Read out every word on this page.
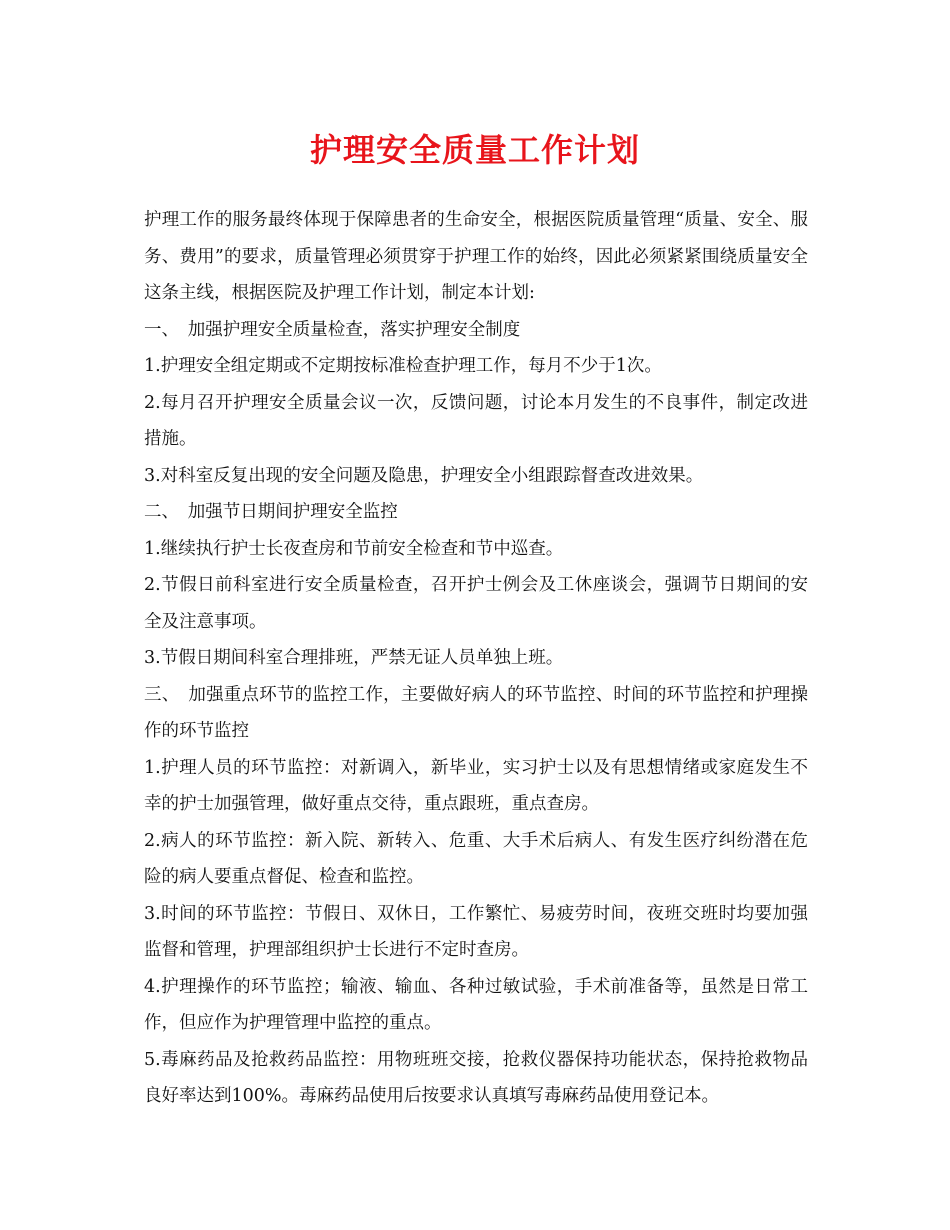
护理安全质量工作计划

护理工作的服务最终体现于保障患者的生命安全，根据医院质量管理“质量、安全、服务、费用”的要求，质量管理必须贯穿于护理工作的始终，因此必须紧紧围绕质量安全这条主线，根据医院及护理工作计划，制定本计划:

一、　加强护理安全质量检查，落实护理安全制度

1.护理安全组定期或不定期按标准检查护理工作，每月不少于1次。

2.每月召开护理安全质量会议一次，反馈问题，讨论本月发生的不良事件，制定改进措施。

3.对科室反复出现的安全问题及隐患，护理安全小组跟踪督查改进效果。

二、　加强节日期间护理安全监控

1.继续执行护士长夜查房和节前安全检查和节中巡查。

2.节假日前科室进行安全质量检查，召开护士例会及工休座谈会，强调节日期间的安全及注意事项。

3.节假日期间科室合理排班，严禁无证人员单独上班。

三、　加强重点环节的监控工作，主要做好病人的环节监控、时间的环节监控和护理操作的环节监控

1.护理人员的环节监控：对新调入，新毕业，实习护士以及有思想情绪或家庭发生不幸的护士加强管理，做好重点交待，重点跟班，重点查房。

2.病人的环节监控：新入院、新转入、危重、大手术后病人、有发生医疗纠纷潜在危险的病人要重点督促、检查和监控。

3.时间的环节监控：节假日、双休日，工作繁忙、易疲劳时间，夜班交班时均要加强监督和管理，护理部组织护士长进行不定时查房。

4.护理操作的环节监控；输液、输血、各种过敏试验，手术前准备等，虽然是日常工作，但应作为护理管理中监控的重点。

5.毒麻药品及抢救药品监控：用物班班交接，抢救仪器保持功能状态，保持抢救物品良好率达到100%。毒麻药品使用后按要求认真填写毒麻药品使用登记本。
